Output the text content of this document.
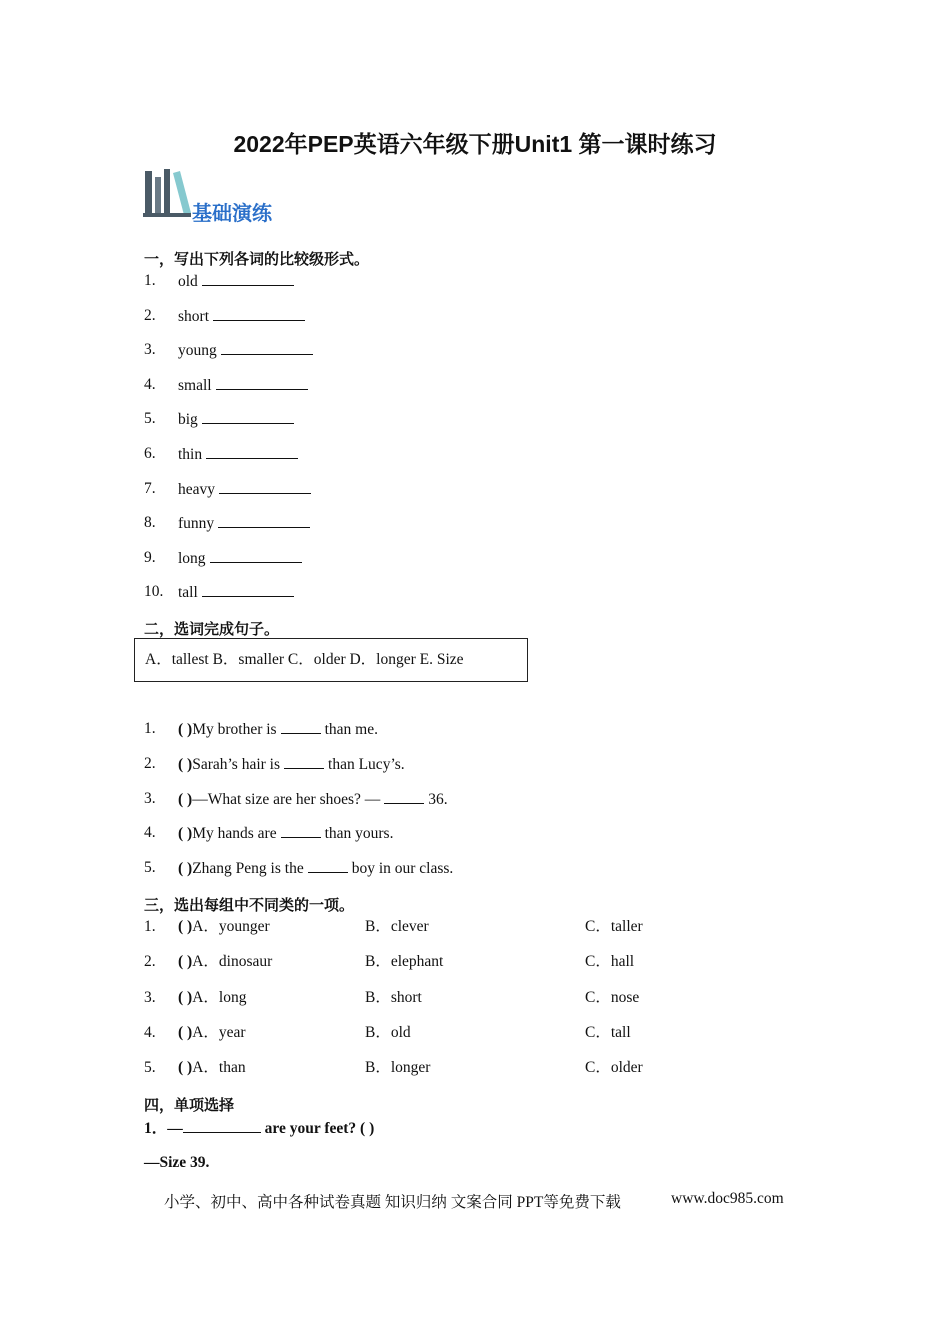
2022年PEP英语六年级下册Unit1 第一课时练习
基础演练
一，写出下列各词的比较级形式。
1. old
2. short
3. young
4. small
5. big
6. thin
7. heavy
8. funny
9. long
10. tall
二，选词完成句子。
A．tallest B．smaller C．older D．longer E. Size
1. ( )My brother is	than me.
2. ( )Sarah’s hair is	than Lucy’s.
3. ( )—What size are her shoes? —	36.
4. ( )My hands are	than yours.
5. ( )Zhang Peng is the	boy in our class.
三，选出每组中不同类的一项。
1. ( )A．younger	B．clever	C．taller
2. ( )A．dinosaur	B．elephant	C．hall
3. ( )A．long	B．short	C．nose
4. ( )A．year	B．old	C．tall
5. ( )A．than	B．longer	C．older
四，单项选择
1．—	are your feet? ( )
—Size 39.
小学、初中、高中各种试卷真题 知识归纳 文案合同 PPT等免费下载	www.doc985.com
